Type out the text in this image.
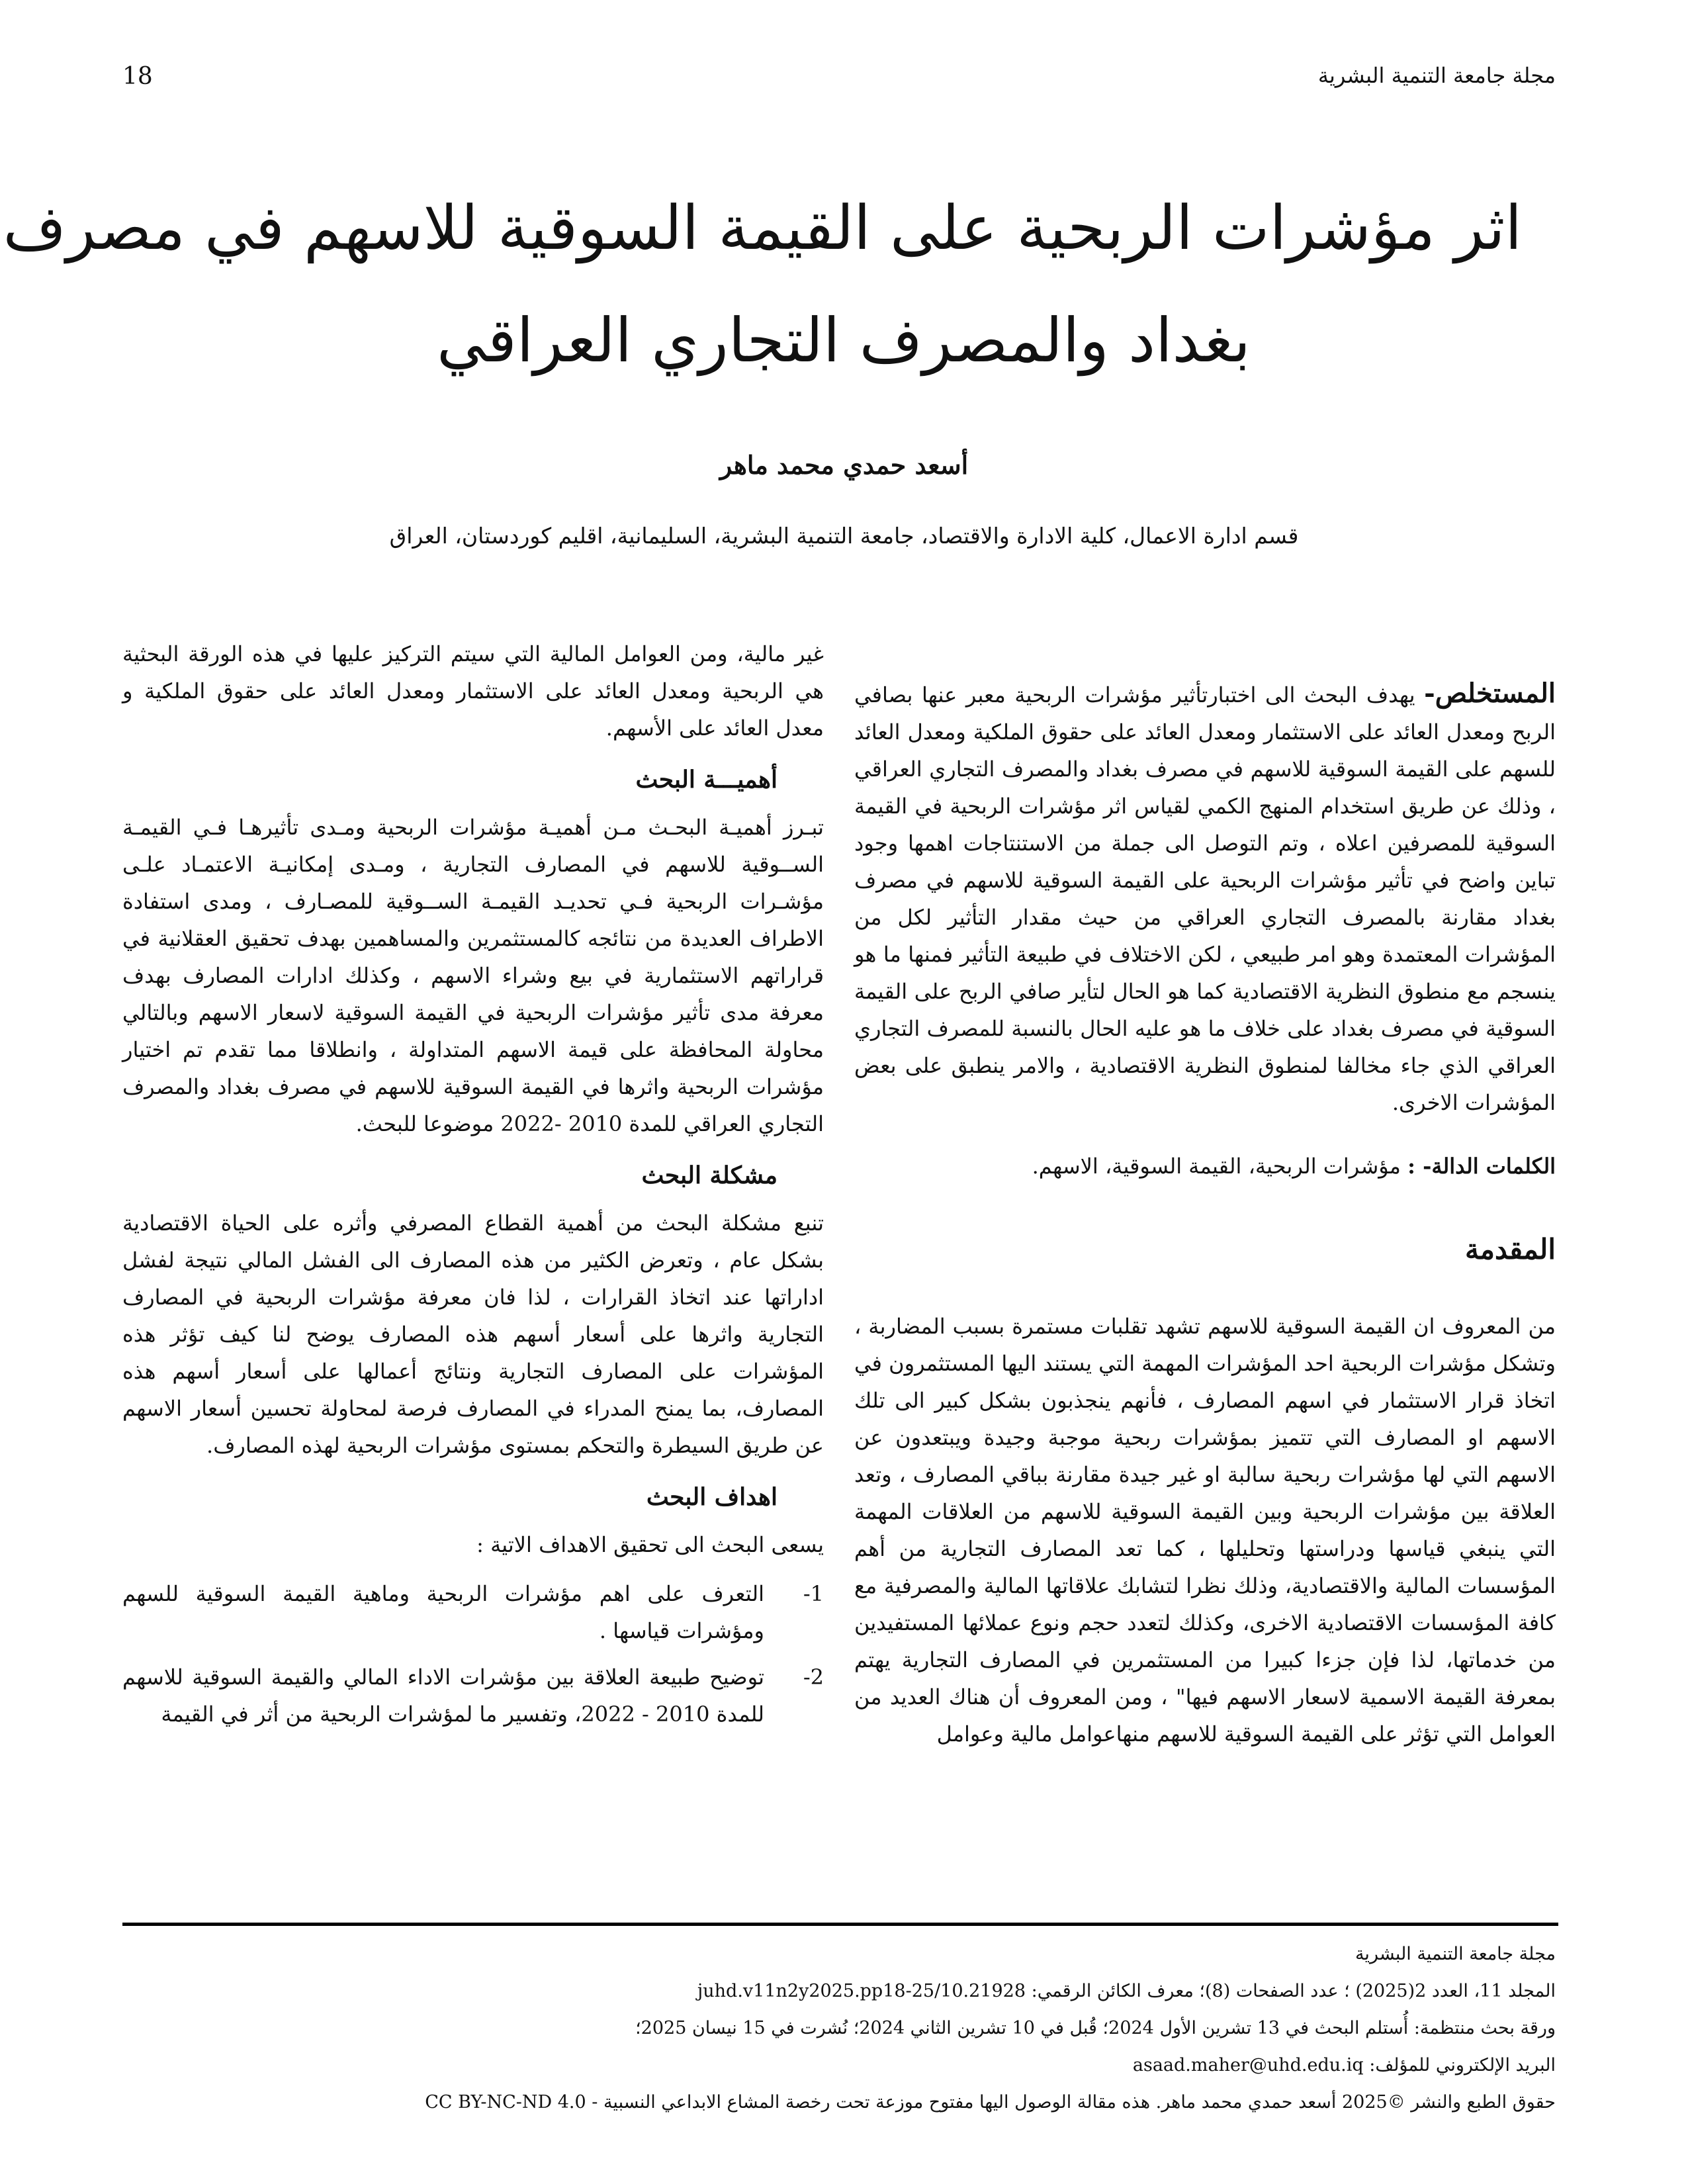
18	مجلة جامعة التنمية البشرية
اثر مؤشرات الربحية على القيمة السوقية للاسهم في مصرف
بغداد والمصرف التجاري العراقي
أسعد حمدي محمد ماهر
قسم ادارة الاعمال، كلية الادارة والاقتصاد، جامعة التنمية البشرية، السليمانية، اقليم كوردستان، العراق

المستخلص- يهدف البحث الى اختبارتأثير مؤشرات الربحية معبر عنها بصافي الربح ومعدل العائد على الاستثمار ومعدل العائد على حقوق الملكية ومعدل العائد للسهم على القيمة السوقية للاسهم في مصرف بغداد والمصرف التجاري العراقي ، وذلك عن طريق استخدام المنهج الكمي لقياس اثر مؤشرات الربحية في القيمة السوقية للمصرفين اعلاه ، وتم التوصل الى جملة من الاستنتاجات اهمها وجود تباين واضح في تأثير مؤشرات الربحية على القيمة السوقية للاسهم في مصرف بغداد مقارنة بالمصرف التجاري العراقي من حيث مقدار التأثير لكل من المؤشرات المعتمدة وهو امر طبيعي ، لكن الاختلاف في طبيعة التأثير فمنها ما هو ينسجم مع منطوق النظرية الاقتصادية كما هو الحال لتأير صافي الربح على القيمة السوقية في مصرف بغداد على خلاف ما هو عليه الحال بالنسبة للمصرف التجاري العراقي الذي جاء مخالفا لمنطوق النظرية الاقتصادية ، والامر ينطبق على بعض المؤشرات الاخرى.

الكلمات الدالة- : مؤشرات الربحية، القيمة السوقية، الاسهم.

المقدمة

من المعروف ان القيمة السوقية للاسهم تشهد تقلبات مستمرة بسبب المضاربة ، وتشكل مؤشرات الربحية احد المؤشرات المهمة التي يستند اليها المستثمرون في اتخاذ قرار الاستثمار في اسهم المصارف ، فأنهم ينجذبون بشكل كبير الى تلك الاسهم او المصارف التي تتميز بمؤشرات ربحية موجبة وجيدة ويبتعدون عن الاسهم التي لها مؤشرات ربحية سالبة او غير جيدة مقارنة بباقي المصارف ، وتعد العلاقة بين مؤشرات الربحية وبين القيمة السوقية للاسهم من العلاقات المهمة التي ينبغي قياسها ودراستها وتحليلها ، كما تعد المصارف التجارية من أهم المؤسسات المالية والاقتصادية، وذلك نظرا لتشابك علاقاتها المالية والمصرفية مع كافة المؤسسات الاقتصادية الاخرى، وكذلك لتعدد حجم ونوع عملائها المستفيدين من خدماتها، لذا فإن جزءا كبيرا من المستثمرين في المصارف التجارية يهتم بمعرفة القيمة الاسمية لاسعار الاسهم فيها" ، ومن المعروف أن هناك العديد من العوامل التي تؤثر على القيمة السوقية للاسهم منهاعوامل مالية وعوامل

غير مالية، ومن العوامل المالية التي سيتم التركيز عليها في هذه الورقة البحثية هي الربحية ومعدل العائد على الاستثمار ومعدل العائد على حقوق الملكية و معدل العائد على الأسهم.

أهميـــة البحث

تبـرز أهميـة البحـث مـن أهميـة مؤشرات الربحية ومـدى تأثيرهـا فـي القيمـة الســوقية للاسهم في المصارف التجارية ، ومـدى إمكانيـة الاعتمـاد علـى مؤشـرات الربحية فـي تحديـد القيمـة الســوقية للمصـارف ، ومدى استفادة الاطراف العديدة من نتائجه كالمستثمرين والمساهمين بهدف تحقيق العقلانية في قراراتهم الاستثمارية في بيع وشراء الاسهم ، وكذلك ادارات المصارف بهدف معرفة مدى تأثير مؤشرات الربحية في القيمة السوقية لاسعار الاسهم وبالتالي محاولة المحافظة على قيمة الاسهم المتداولة ، وانطلاقا مما تقدم تم اختيار مؤشرات الربحية واثرها في القيمة السوقية للاسهم في مصرف بغداد والمصرف التجاري العراقي للمدة 2010 -2022 موضوعا للبحث.

مشكلة البحث

تنبع مشكلة البحث من أهمية القطاع المصرفي وأثره على الحياة الاقتصادية بشكل عام ، وتعرض الكثير من هذه المصارف الى الفشل المالي نتيجة لفشل اداراتها عند اتخاذ القرارات ، لذا فان معرفة مؤشرات الربحية في المصارف التجارية واثرها على أسعار أسهم هذه المصارف يوضح لنا كيف تؤثر هذه المؤشرات على المصارف التجارية ونتائج أعمالها على أسعار أسهم هذه المصارف، بما يمنح المدراء في المصارف فرصة لمحاولة تحسين أسعار الاسهم عن طريق السيطرة والتحكم بمستوى مؤشرات الربحية لهذه المصارف.

اهداف البحث

يسعى البحث الى تحقيق الاهداف الاتية :

1-
التعرف على اهم مؤشرات الربحية وماهية القيمة السوقية للسهم ومؤشرات قياسها .
2-
توضيح طبيعة العلاقة بين مؤشرات الاداء المالي والقيمة السوقية للاسهم للمدة 2010 - 2022، وتفسير ما لمؤشرات الربحية من أثر في القيمة
مجلة جامعة التنمية البشرية
المجلد 11، العدد 2(2025) ؛ عدد الصفحات (8)؛ معرف الكائن الرقمي: 10.21928/juhd.v11n2y2025.pp18-25
ورقة بحث منتظمة: أُستلم البحث في 13 تشرين الأول 2024؛ قُبل في 10 تشرين الثاني 2024؛ نُشرت في 15 نيسان 2025؛
البريد الإلكتروني للمؤلف: asaad.maher@uhd.edu.iq
حقوق الطبع والنشر ©2025 أسعد حمدي محمد ماهر. هذه مقالة الوصول اليها مفتوح موزعة تحت رخصة المشاع الابداعي النسبية - CC BY-NC-ND 4.0
